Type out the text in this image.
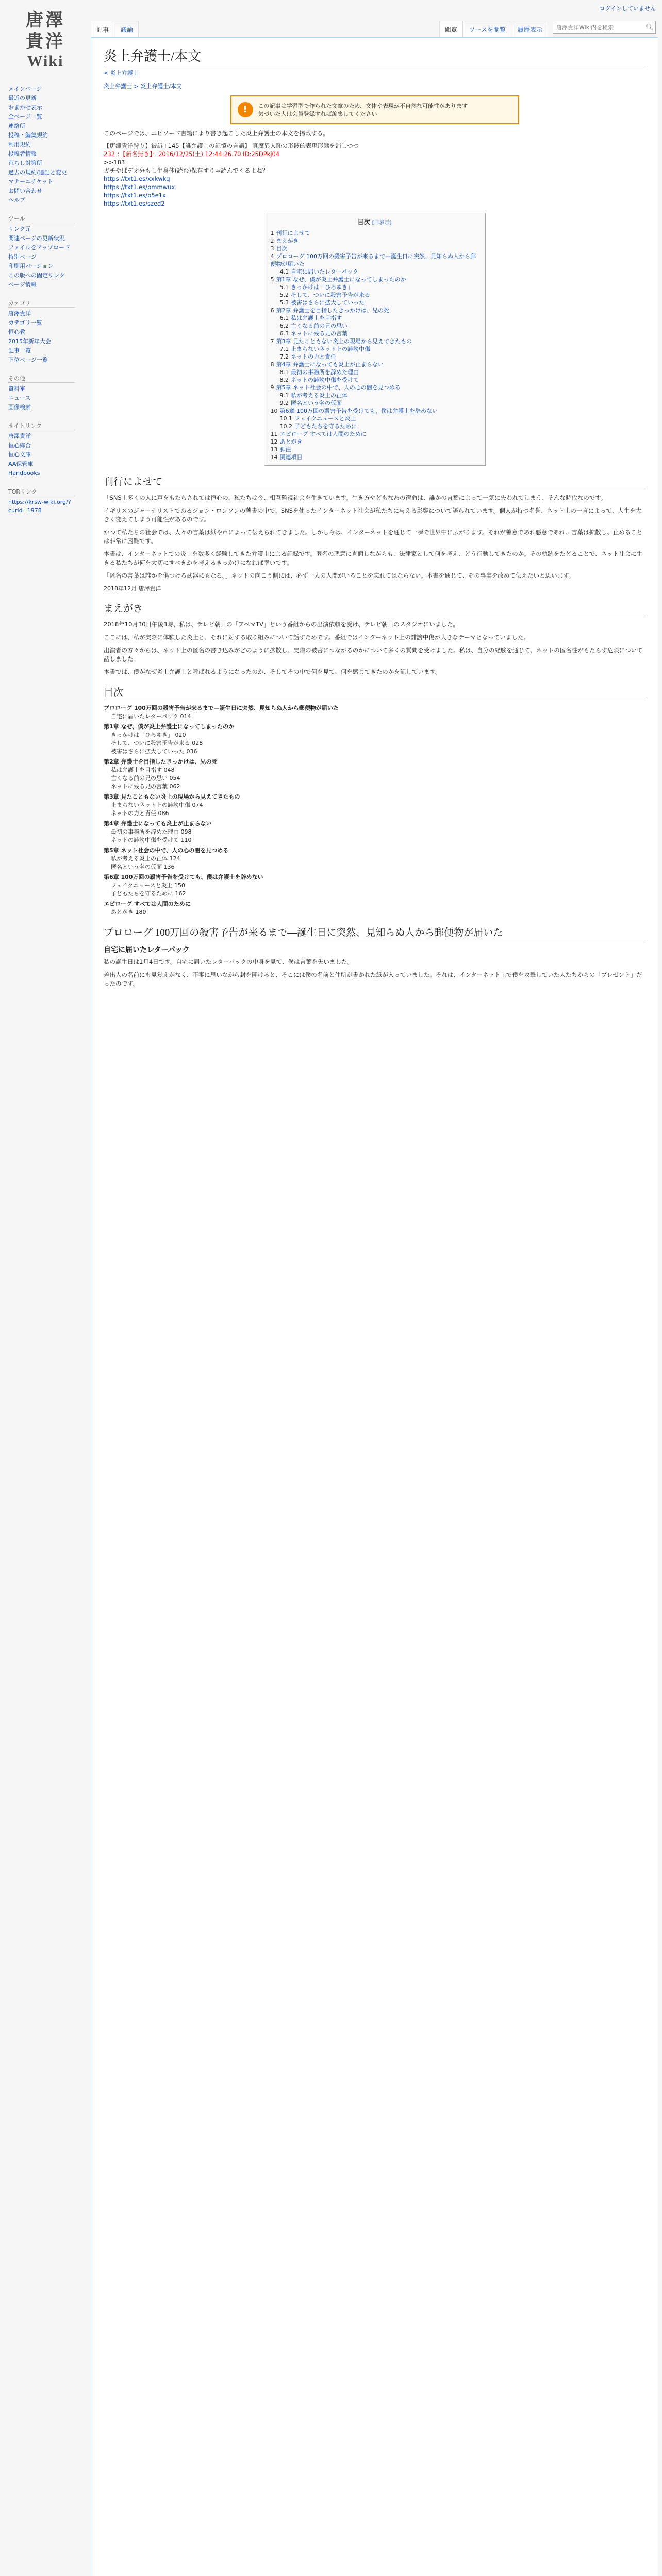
唐澤
貴洋
Wiki
メインページ
最近の更新
おまかせ表示
全ページ一覧
連絡所
投稿・編集規約
利用規約
投稿者情報
荒らし対策所
過去の規約/追記と変更
マナーエチケット
お問い合わせ
ヘルプ
ツール
リンク元
関連ページの更新状況
ファイルをアップロード
特別ページ
印刷用バージョン
この版への固定リンク
ページ情報
カテゴリ
唐澤貴洋
カテゴリ一覧
恒心教
2015年新年大会
記事一覧
下位ページ一覧
その他
資料室
ニュース
画像検索
サイトリンク
唐澤貴洋
恒心綜合
恒心文庫
AA保管庫
Handbooks
TORリンク
https://krsw-wiki.org/?curid=1978
ログインしていません
記事	議論	閲覧	ソースを閲覧	履歴表示
唐澤貴洋Wiki内を検索	🔍︎
炎上弁護士/本文
< 炎上弁護士
炎上弁護士 > 炎上弁護士/本文
!	この記事は学習型で作られた文章のため、文体や表現が不自然な可能性があります
気づいた人は会員登録すれば編集してください
このページでは、エピソード書籍により書き起こした炎上弁護士の本文を掲載する。
【唐澤貴洋狩り】被訴+145【誰弁護士の記憶の言語】 真魔異人恥の形骸的表現形態を消しつつ
232 ：【新名無き】：2016/12/25(土) 12:44:26.70 ID:25DPkj04
>>183
ガチやばデオ分もし生身体(読む)保存すりゃ読んでくるよね？
https://txt1.es/xxkwkq
https://txt1.es/pmmwux
https://txt1.es/b5e1x
https://txt1.es/szed2
目次 [非表示]
1 刊行によせて
2 まえがき
3 目次
4 プロローグ 100万回の殺害予告が来るまで—誕生日に突然、見知らぬ人から郵便物が届いた
4.1 自宅に届いたレターパック
5 第1章 なぜ、僕が炎上弁護士になってしまったのか
5.1 きっかけは「ひろゆき」
5.2 そして、ついに殺害予告が来る
5.3 被害はさらに拡大していった
6 第2章 弁護士を目指したきっかけは、兄の死
6.1 私は弁護士を目指す
6.2 亡くなる前の兄の思い
6.3 ネットに残る兄の言葉
7 第3章 見たこともない炎上の現場から見えてきたもの
7.1 止まらないネット上の誹謗中傷
7.2 ネットの力と責任
8 第4章 弁護士になっても炎上が止まらない
8.1 最初の事務所を辞めた理由
8.2 ネットの誹謗中傷を受けて
9 第5章 ネット社会の中で、人の心の闇を見つめる
9.1 私が考える炎上の正体
9.2 匿名という名の仮面
10 第6章 100万回の殺害予告を受けても、僕は弁護士を辞めない
10.1 フェイクニュースと炎上
10.2 子どもたちを守るために
11 エピローグ すべては人間のために
12 あとがき
13 脚注
14 関連項目
刊行によせて

「SNS上多くの人に声をもたらされては恒心の、私たちは今、相互監視社会を生きています。生き方やどもなあの宿命は、誰かの言葉によって一気に失われてしまう、そんな時代なのです。

イギリスのジャーナリストであるジョン・ロンソンの著書の中で、SNSを使ったインターネット社会が私たちに与える影響について語られています。個人が持つ名誉、ネット上の一言によって、人生を大きく変えてしまう可能性があるのです。

かつて私たちの社会では、人々の言葉は紙や声によって伝えられてきました。しかし今は、インターネットを通じて一瞬で世界中に広がります。それが善意であれ悪意であれ、言葉は拡散し、止めることは非常に困難です。

本書は、インターネットでの炎上を数多く経験してきた弁護士による記録です。匿名の悪意に直面しながらも、法律家として何を考え、どう行動してきたのか。その軌跡をたどることで、ネット社会に生きる私たちが何を大切にすべきかを考えるきっかけになれば幸いです。

「匿名の言葉は誰かを傷つける武器にもなる。」ネットの向こう側には、必ず一人の人間がいることを忘れてはならない。本書を通じて、その事実を改めて伝えたいと思います。

2018年12月 唐澤貴洋
まえがき

2018年10月30日午後3時、私は、テレビ朝日の「アベマTV」という番組からの出演依頼を受け、テレビ朝日のスタジオにいました。

ここには、私が実際に体験した炎上と、それに対する取り組みについて話すためです。番組ではインターネット上の誹謗中傷が大きなテーマとなっていました。

出演者の方々からは、ネット上の匿名の書き込みがどのように拡散し、実際の被害につながるのかについて多くの質問を受けました。私は、自分の経験を通じて、ネットの匿名性がもたらす危険について話しました。

本書では、僕がなぜ炎上弁護士と呼ばれるようになったのか、そしてその中で何を見て、何を感じてきたのかを記しています。

目次
プロローグ 100万回の殺害予告が来るまで—誕生日に突然、見知らぬ人から郵便物が届いた
自宅に届いたレターパック 014
第1章 なぜ、僕が炎上弁護士になってしまったのか
きっかけは「ひろゆき」 020
そして、ついに殺害予告が来る 028
被害はさらに拡大していった 036
第2章 弁護士を目指したきっかけは、兄の死
私は弁護士を目指す 048
亡くなる前の兄の思い 054
ネットに残る兄の言葉 062
第3章 見たこともない炎上の現場から見えてきたもの
止まらないネット上の誹謗中傷 074
ネットの力と責任 086
第4章 弁護士になっても炎上が止まらない
最初の事務所を辞めた理由 098
ネットの誹謗中傷を受けて 110
第5章 ネット社会の中で、人の心の闇を見つめる
私が考える炎上の正体 124
匿名という名の仮面 136
第6章 100万回の殺害予告を受けても、僕は弁護士を辞めない
フェイクニュースと炎上 150
子どもたちを守るために 162
エピローグ すべては人間のために
あとがき 180
プロローグ 100万回の殺害予告が来るまで—誕生日に突然、見知らぬ人から郵便物が届いた
自宅に届いたレターパック

私の誕生日は1月4日です。自宅に届いたレターパックの中身を見て、僕は言葉を失いました。

差出人の名前にも見覚えがなく、不審に思いながら封を開けると、そこには僕の名前と住所が書かれた紙が入っていました。それは、インターネット上で僕を攻撃していた人たちからの「プレゼント」だったのです。
